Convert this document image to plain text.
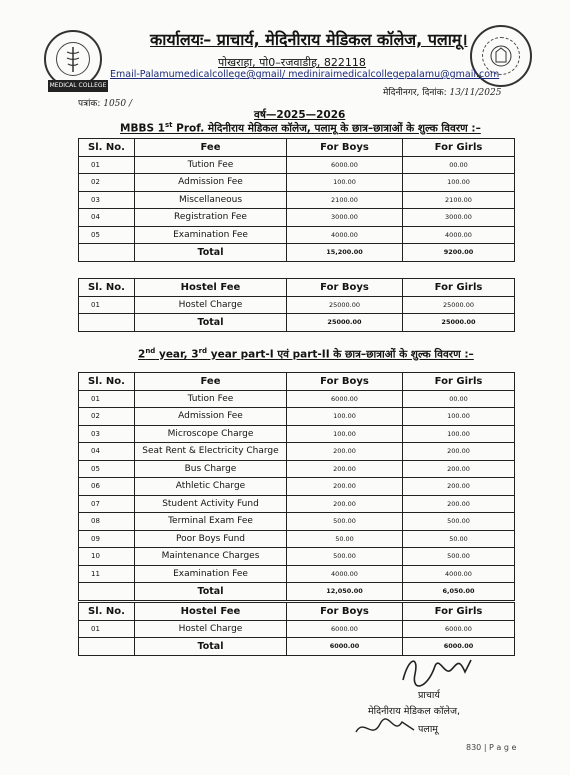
MEDICAL COLLEGE
कार्यालयः– प्राचार्य, मेदिनीराय मेडिकल कॉलेज, पलामू।
पोखराहा, पो0–रजवाडीह, 822118
Email-Palamumedicalcollege@gmail/ medinirаimedicalcollegepalamu@gmail.com
पत्रांक: 1050 /
मेदिनीनगर, दिनांक: 13/11/2025
वर्ष—2025—2026
MBBS 1st Prof. मेदिनीराय मेडिकल कॉलेज, पलामू के छात्र–छात्राओं के शुल्क विवरण :–
Sl. No.	Fee	For Boys	For Girls
01	Tution Fee	6000.00	00.00
02	Admission Fee	100.00	100.00
03	Miscellaneous	2100.00	2100.00
04	Registration Fee	3000.00	3000.00
05	Examination Fee	4000.00	4000.00
	Total	15,200.00	9200.00
Sl. No.	Hostel Fee	For Boys	For Girls
01	Hostel Charge	25000.00	25000.00
	Total	25000.00	25000.00
2nd year, 3rd year part-I एवं part-II के छात्र–छात्राओं के शुल्क विवरण :–
Sl. No.	Fee	For Boys	For Girls
01	Tution Fee	6000.00	00.00
02	Admission Fee	100.00	100.00
03	Microscope Charge	100.00	100.00
04	Seat Rent & Electricity Charge	200.00	200.00
05	Bus Charge	200.00	200.00
06	Athletic Charge	200.00	200.00
07	Student Activity Fund	200.00	200.00
08	Terminal Exam Fee	500.00	500.00
09	Poor Boys Fund	50.00	50.00
10	Maintenance Charges	500.00	500.00
11	Examination Fee	4000.00	4000.00
	Total	12,050.00	6,050.00
Sl. No.	Hostel Fee	For Boys	For Girls
01	Hostel Charge	6000.00	6000.00
	Total	6000.00	6000.00
प्राचार्य
मेदिनीराय मेडिकल कॉलेज,
पलामू
830 | P a g e
